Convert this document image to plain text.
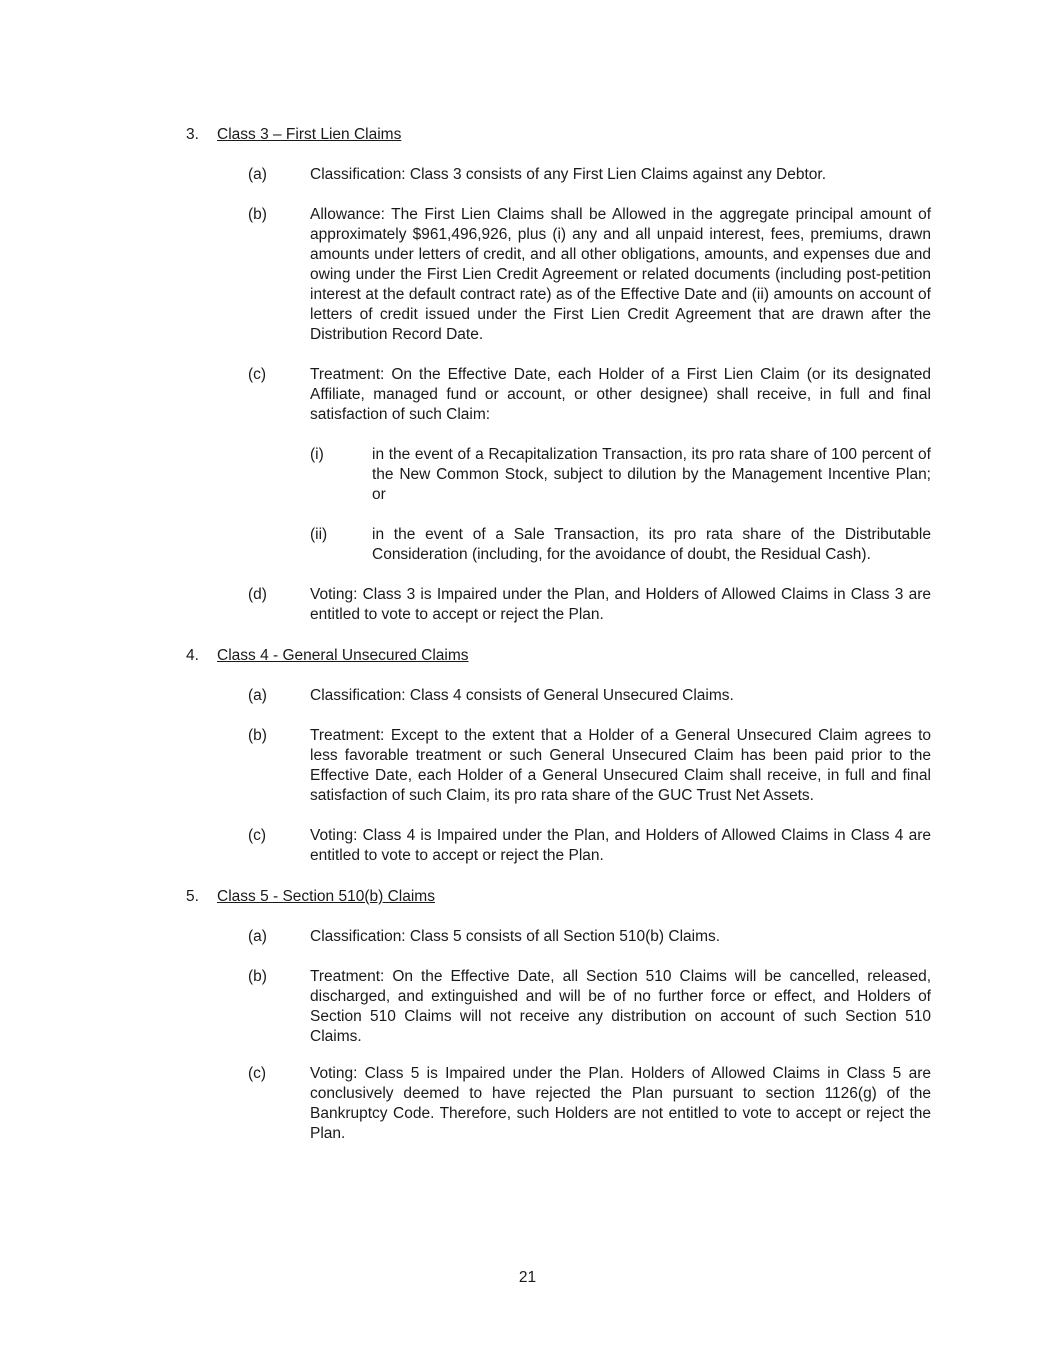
3. Class 3 – First Lien Claims
(a)	Classification: Class 3 consists of any First Lien Claims against any Debtor.
(b)	Allowance: The First Lien Claims shall be Allowed in the aggregate principal amount of approximately $961,496,926, plus (i) any and all unpaid interest, fees, premiums, drawn amounts under letters of credit, and all other obligations, amounts, and expenses due and owing under the First Lien Credit Agreement or related documents (including post-petition interest at the default contract rate) as of the Effective Date and (ii) amounts on account of letters of credit issued under the First Lien Credit Agreement that are drawn after the Distribution Record Date.
(c)	Treatment: On the Effective Date, each Holder of a First Lien Claim (or its designated Affiliate, managed fund or account, or other designee) shall receive, in full and final satisfaction of such Claim:
(i)	in the event of a Recapitalization Transaction, its pro rata share of 100 percent of the New Common Stock, subject to dilution by the Management Incentive Plan; or
(ii)	in the event of a Sale Transaction, its pro rata share of the Distributable Consideration (including, for the avoidance of doubt, the Residual Cash).
(d)	Voting: Class 3 is Impaired under the Plan, and Holders of Allowed Claims in Class 3 are entitled to vote to accept or reject the Plan.
4. Class 4 - General Unsecured Claims
(a)	Classification: Class 4 consists of General Unsecured Claims.
(b)	Treatment: Except to the extent that a Holder of a General Unsecured Claim agrees to less favorable treatment or such General Unsecured Claim has been paid prior to the Effective Date, each Holder of a General Unsecured Claim shall receive, in full and final satisfaction of such Claim, its pro rata share of the GUC Trust Net Assets.
(c)	Voting: Class 4 is Impaired under the Plan, and Holders of Allowed Claims in Class 4 are entitled to vote to accept or reject the Plan.
5. Class 5 - Section 510(b) Claims
(a)	Classification: Class 5 consists of all Section 510(b) Claims.
(b)	Treatment: On the Effective Date, all Section 510 Claims will be cancelled, released, discharged, and extinguished and will be of no further force or effect, and Holders of Section 510 Claims will not receive any distribution on account of such Section 510 Claims.
(c)	Voting: Class 5 is Impaired under the Plan. Holders of Allowed Claims in Class 5 are conclusively deemed to have rejected the Plan pursuant to section 1126(g) of the Bankruptcy Code. Therefore, such Holders are not entitled to vote to accept or reject the Plan.
21
